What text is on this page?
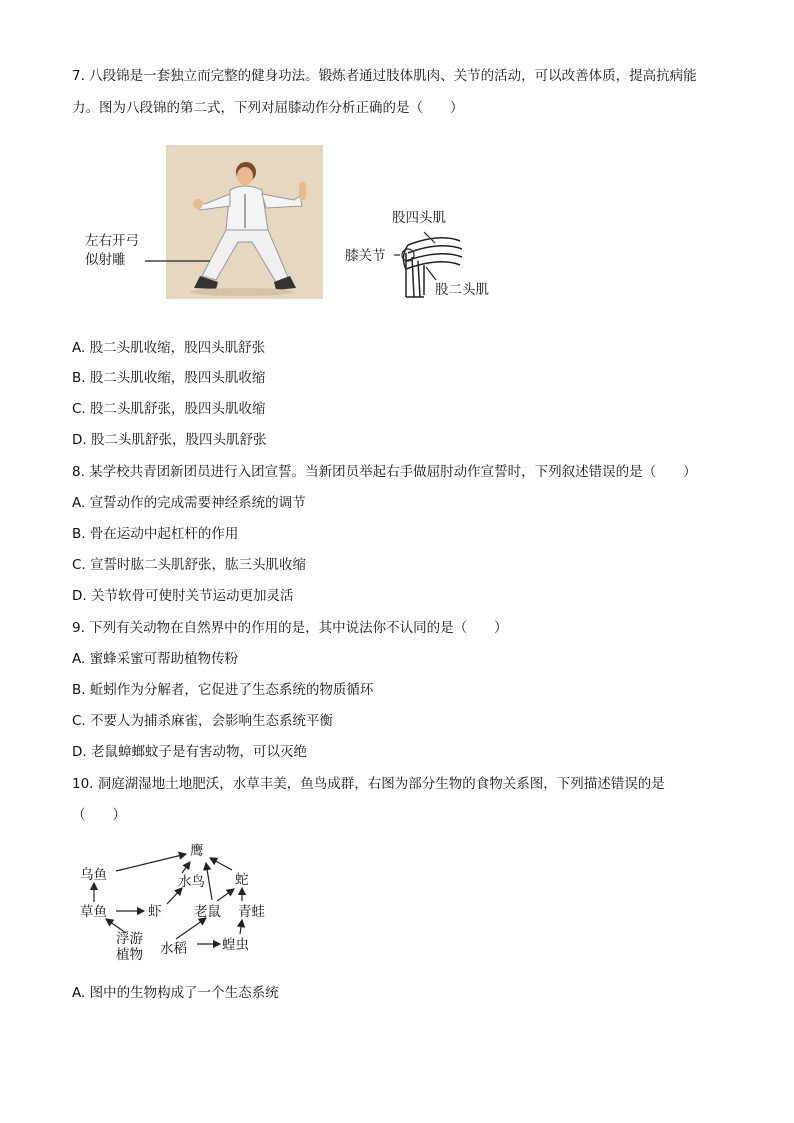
7. 八段锦是一套独立而完整的健身功法。锻炼者通过肢体肌肉、关节的活动，可以改善体质，提高抗病能
力。图为八段锦的第二式，下列对屈膝动作分析正确的是（　　）
左右开弓
似射雕
股四头肌
膝关节
股二头肌
A. 股二头肌收缩，股四头肌舒张
B. 股二头肌收缩，股四头肌收缩
C. 股二头肌舒张，股四头肌收缩
D. 股二头肌舒张，股四头肌舒张
8. 某学校共青团新团员进行入团宣誓。当新团员举起右手做屈肘动作宣誓时，下列叙述错误的是（　　）
A. 宣誓动作的完成需要神经系统的调节
B. 骨在运动中起杠杆的作用
C. 宣誓时肱二头肌舒张，肱三头肌收缩
D. 关节软骨可使肘关节运动更加灵活
9. 下列有关动物在自然界中的作用的是，其中说法你不认同的是（　　）
A. 蜜蜂采蜜可帮助植物传粉
B. 蚯蚓作为分解者，它促进了生态系统的物质循环
C. 不要人为捕杀麻雀，会影响生态系统平衡
D. 老鼠蟑螂蚊子是有害动物，可以灭绝
10. 洞庭湖湿地土地肥沃，水草丰美，鱼鸟成群，右图为部分生物的食物关系图，下列描述错误的是
（　　）
鹰
乌鱼	水鸟 蛇
草鱼	虾 老鼠 青蛙
浮游
植物 水稻	蝗虫
A. 图中的生物构成了一个生态系统
